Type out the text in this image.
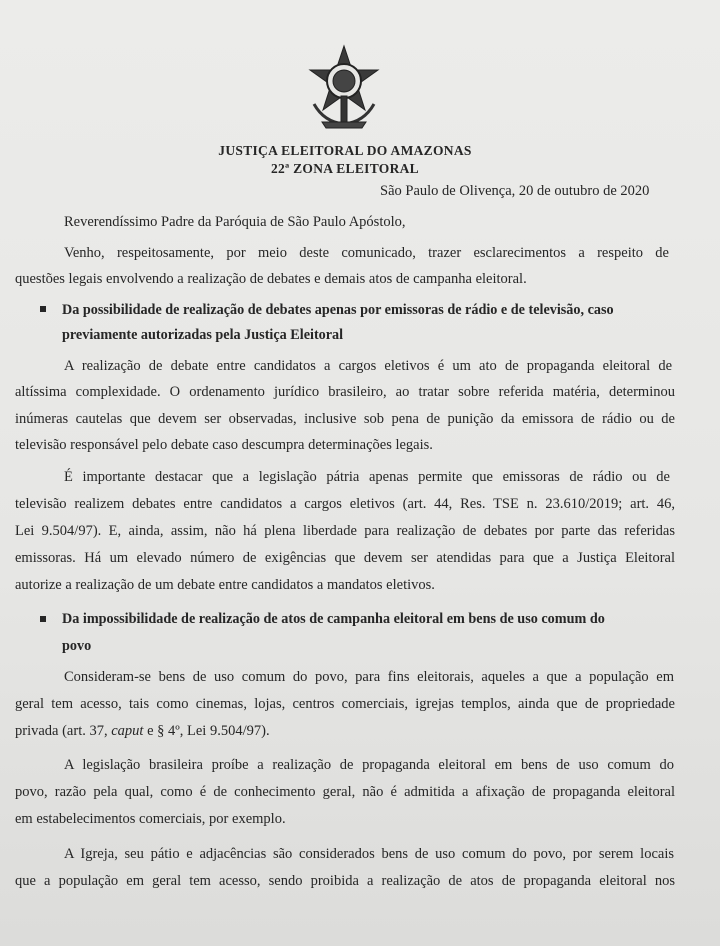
JUSTIÇA ELEITORAL DO AMAZONAS
22ª ZONA ELEITORAL
São Paulo de Olivença, 20 de outubro de 2020
Reverendíssimo Padre da Paróquia de São Paulo Apóstolo,
Venho, respeitosamente, por meio deste comunicado, trazer esclarecimentos a respeito de
questões legais envolvendo a realização de debates e demais atos de campanha eleitoral.
Da possibilidade de realização de debates apenas por emissoras de rádio e de televisão, caso
previamente autorizadas pela Justiça Eleitoral
A realização de debate entre candidatos a cargos eletivos é um ato de propaganda eleitoral de
altíssima complexidade. O ordenamento jurídico brasileiro, ao tratar sobre referida matéria, determinou
inúmeras cautelas que devem ser observadas, inclusive sob pena de punição da emissora de rádio ou de
televisão responsável pelo debate caso descumpra determinações legais.
É importante destacar que a legislação pátria apenas permite que emissoras de rádio ou de
televisão realizem debates entre candidatos a cargos eletivos (art. 44, Res. TSE n. 23.610/2019; art. 46,
Lei 9.504/97). E, ainda, assim, não há plena liberdade para realização de debates por parte das referidas
emissoras. Há um elevado número de exigências que devem ser atendidas para que a Justiça Eleitoral
autorize a realização de um debate entre candidatos a mandatos eletivos.
Da impossibilidade de realização de atos de campanha eleitoral em bens de uso comum do
povo
Consideram-se bens de uso comum do povo, para fins eleitorais, aqueles a que a população em
geral tem acesso, tais como cinemas, lojas, centros comerciais, igrejas templos, ainda que de propriedade
privada (art. 37, caput e § 4º, Lei 9.504/97).
A legislação brasileira proíbe a realização de propaganda eleitoral em bens de uso comum do
povo, razão pela qual, como é de conhecimento geral, não é admitida a afixação de propaganda eleitoral
em estabelecimentos comerciais, por exemplo.
A Igreja, seu pátio e adjacências são considerados bens de uso comum do povo, por serem locais
que a população em geral tem acesso, sendo proibida a realização de atos de propaganda eleitoral nos
